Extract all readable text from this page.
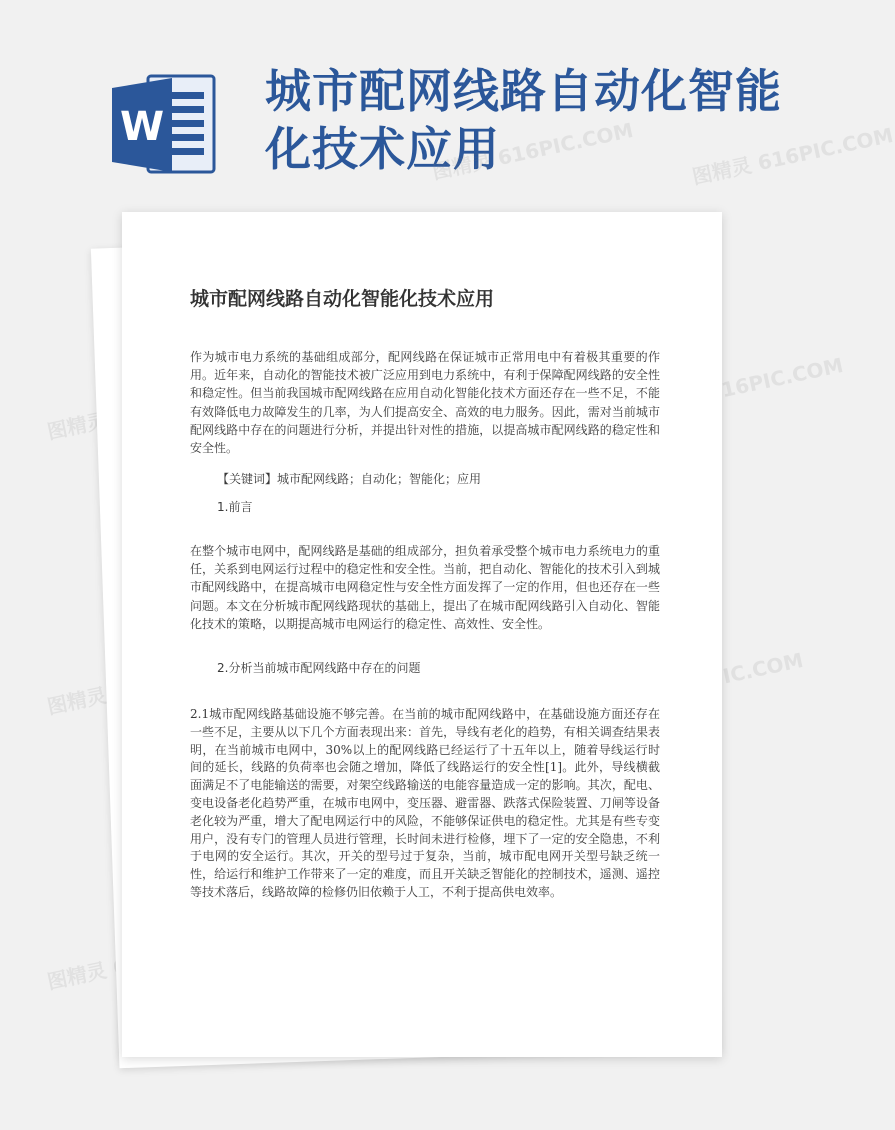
W
城市配网线路自动化智能化技术应用
图精灵 616PIC.COM	图精灵 616PIC.COM
图精灵
图精灵 616PIC.COM
图精灵
616PIC.COM
图精灵
城市配网线路自动化智能化技术应用

作为城市电力系统的基础组成部分，配网线路在保证城市正常用电中有着极其重要的作用。近年来，自动化的智能技术被广泛应用到电力系统中，有利于保障配网线路的安全性和稳定性。但当前我国城市配网线路在应用自动化智能化技术方面还存在一些不足，不能有效降低电力故障发生的几率，为人们提高安全、高效的电力服务。因此，需对当前城市配网线路中存在的问题进行分析，并提出针对性的措施，以提高城市配网线路的稳定性和安全性。

【关键词】城市配网线路；自动化；智能化；应用

1.前言

在整个城市电网中，配网线路是基础的组成部分，担负着承受整个城市电力系统电力的重任，关系到电网运行过程中的稳定性和安全性。当前，把自动化、智能化的技术引入到城市配网线路中，在提高城市电网稳定性与安全性方面发挥了一定的作用，但也还存在一些问题。本文在分析城市配网线路现状的基础上，提出了在城市配网线路引入自动化、智能化技术的策略，以期提高城市电网运行的稳定性、高效性、安全性。

2.分析当前城市配网线路中存在的问题

2.1城市配网线路基础设施不够完善。在当前的城市配网线路中，在基础设施方面还存在一些不足，主要从以下几个方面表现出来：首先，导线有老化的趋势，有相关调查结果表明，在当前城市电网中，30%以上的配网线路已经运行了十五年以上，随着导线运行时间的延长，线路的负荷率也会随之增加，降低了线路运行的安全性[1]。此外，导线横截面满足不了电能输送的需要，对架空线路输送的电能容量造成一定的影响。其次，配电、变电设备老化趋势严重，在城市电网中，变压器、避雷器、跌落式保险装置、刀闸等设备老化较为严重，增大了配电网运行中的风险，不能够保证供电的稳定性。尤其是有些专变用户，没有专门的管理人员进行管理，长时间未进行检修，埋下了一定的安全隐患，不利于电网的安全运行。其次，开关的型号过于复杂，当前，城市配电网开关型号缺乏统一性，给运行和维护工作带来了一定的难度，而且开关缺乏智能化的控制技术，遥测、遥控等技术落后，线路故障的检修仍旧依赖于人工，不利于提高供电效率。
